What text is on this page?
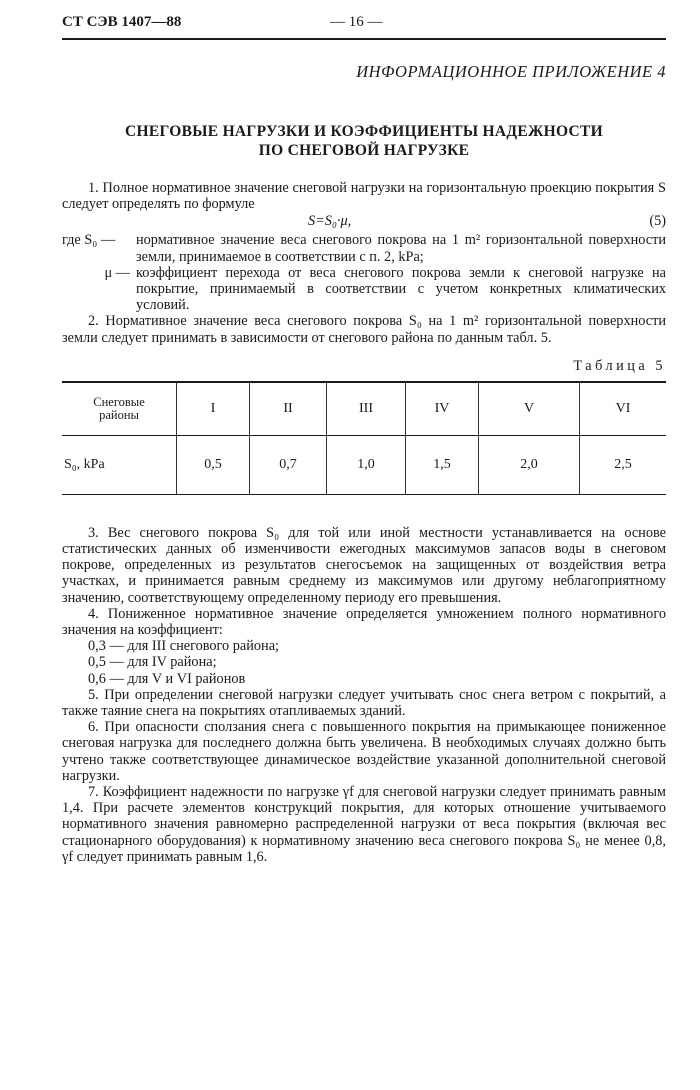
СТ СЭВ 1407—88	— 16 —
ИНФОРМАЦИОННОЕ ПРИЛОЖЕНИЕ 4
СНЕГОВЫЕ НАГРУЗКИ И КОЭФФИЦИЕНТЫ НАДЕЖНОСТИ
ПО СНЕГОВОЙ НАГРУЗКЕ

1. Полное нормативное значение снеговой нагрузки на горизонтальную проекцию покрытия S следует определять по формуле

S=S₀·μ,	(5)
где S₀ —	нормативное значение веса снегового покрова на 1 m² горизонтальной поверхности земли, принимаемое в соответствии с п. 2, kPa;
μ — коэффициент перехода от веса снегового покрова земли к снеговой нагрузке на покрытие, принимаемый в соответствии с учетом конкретных климатических условий.

2. Нормативное значение веса снегового покрова S₀ на 1 m² горизонтальной поверхности земли следует принимать в зависимости от снегового района по данным табл. 5.

Таблица 5
Снеговые
районы	I	II	III	IV	V	VI
S₀, kPa	0,5	0,7	1,0	1,5	2,0	2,5

3. Вес снегового покрова S₀ для той или иной местности устанавливается на основе статистических данных об изменчивости ежегодных максимумов запасов воды в снеговом покрове, определенных из результатов снегосъемок на защищенных от воздействия ветра участках, и принимается равным среднему из максимумов или другому неблагоприятному значению, соответствующему определенному периоду его превышения.

4. Пониженное нормативное значение определяется умножением полного нормативного значения на коэффициент:

0,3 — для III снегового района;
0,5 — для IV района;
0,6 — для V и VI районов

5. При определении снеговой нагрузки следует учитывать снос снега ветром с покрытий, а также таяние снега на покрытиях отапливаемых зданий.

6. При опасности сползания снега с повышенного покрытия на примыкающее пониженное снеговая нагрузка для последнего должна быть увеличена. В необходимых случаях должно быть учтено также соответствующее динамическое воздействие указанной дополнительной снеговой нагрузки.

7. Коэффициент надежности по нагрузке γf для снеговой нагрузки следует принимать равным 1,4. При расчете элементов конструкций покрытия, для которых отношение учитываемого нормативного значения равномерно распределенной нагрузки от веса покрытия (включая вес стационарного оборудования) к нормативному значению веса снегового покрова S₀ не менее 0,8, γf следует принимать равным 1,6.
